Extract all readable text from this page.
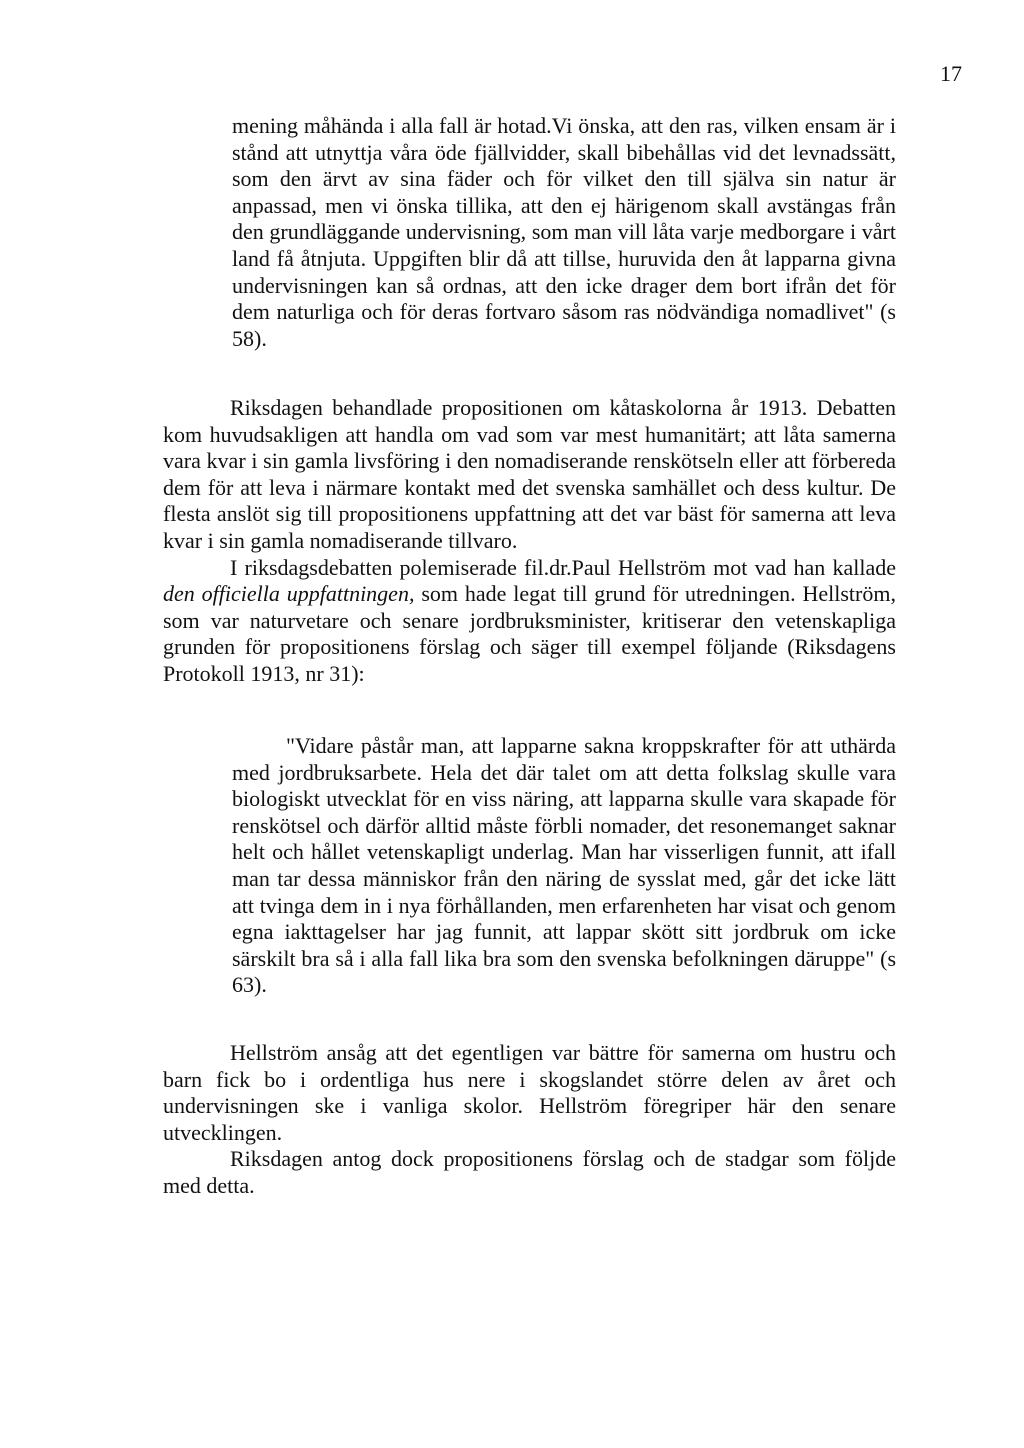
17

mening måhända i alla fall är hotad.Vi önska, att den ras, vilken ensam är i stånd att utnyttja våra öde fjällvidder, skall bibehållas vid det levnadssätt, som den ärvt av sina fäder och för vilket den till själva sin natur är anpassad, men vi önska tillika, att den ej härigenom skall avstängas från den grundläggande undervisning, som man vill låta varje medborgare i vårt land få åtnjuta. Uppgiften blir då att tillse, huruvida den åt lapparna givna undervisningen kan så ordnas, att den icke drager dem bort ifrån det för dem naturliga och för deras fortvaro såsom ras nödvändiga nomadlivet" (s 58).

Riksdagen behandlade propositionen om kåtaskolorna år 1913. Debatten kom huvudsakligen att handla om vad som var mest humanitärt; att låta samerna vara kvar i sin gamla livsföring i den nomadiserande renskötseln eller att förbereda dem för att leva i närmare kontakt med det svenska samhället och dess kultur. De flesta anslöt sig till propositionens uppfattning att det var bäst för samerna att leva kvar i sin gamla nomadiserande tillvaro.

I riksdagsdebatten polemiserade fil.dr.Paul Hellström mot vad han kallade den officiella uppfattningen, som hade legat till grund för utredningen. Hellström, som var naturvetare och senare jordbruksminister, kritiserar den vetenskapliga grunden för propositionens förslag och säger till exempel följande (Riksdagens Protokoll 1913, nr 31):

"Vidare påstår man, att lapparne sakna kroppskrafter för att uthärda med jordbruksarbete. Hela det där talet om att detta folkslag skulle vara biologiskt utvecklat för en viss näring, att lapparna skulle vara skapade för renskötsel och därför alltid måste förbli nomader, det resonemanget saknar helt och hållet vetenskapligt underlag. Man har visserligen funnit, att ifall man tar dessa människor från den näring de sysslat med, går det icke lätt att tvinga dem in i nya förhållanden, men erfarenheten har visat och genom egna iakttagelser har jag funnit, att lappar skött sitt jordbruk om icke särskilt bra så i alla fall lika bra som den svenska befolkningen däruppe" (s 63).

Hellström ansåg att det egentligen var bättre för samerna om hustru och barn fick bo i ordentliga hus nere i skogslandet större delen av året och undervisningen ske i vanliga skolor. Hellström föregriper här den senare utvecklingen.

Riksdagen antog dock propositionens förslag och de stadgar som följde med detta.
